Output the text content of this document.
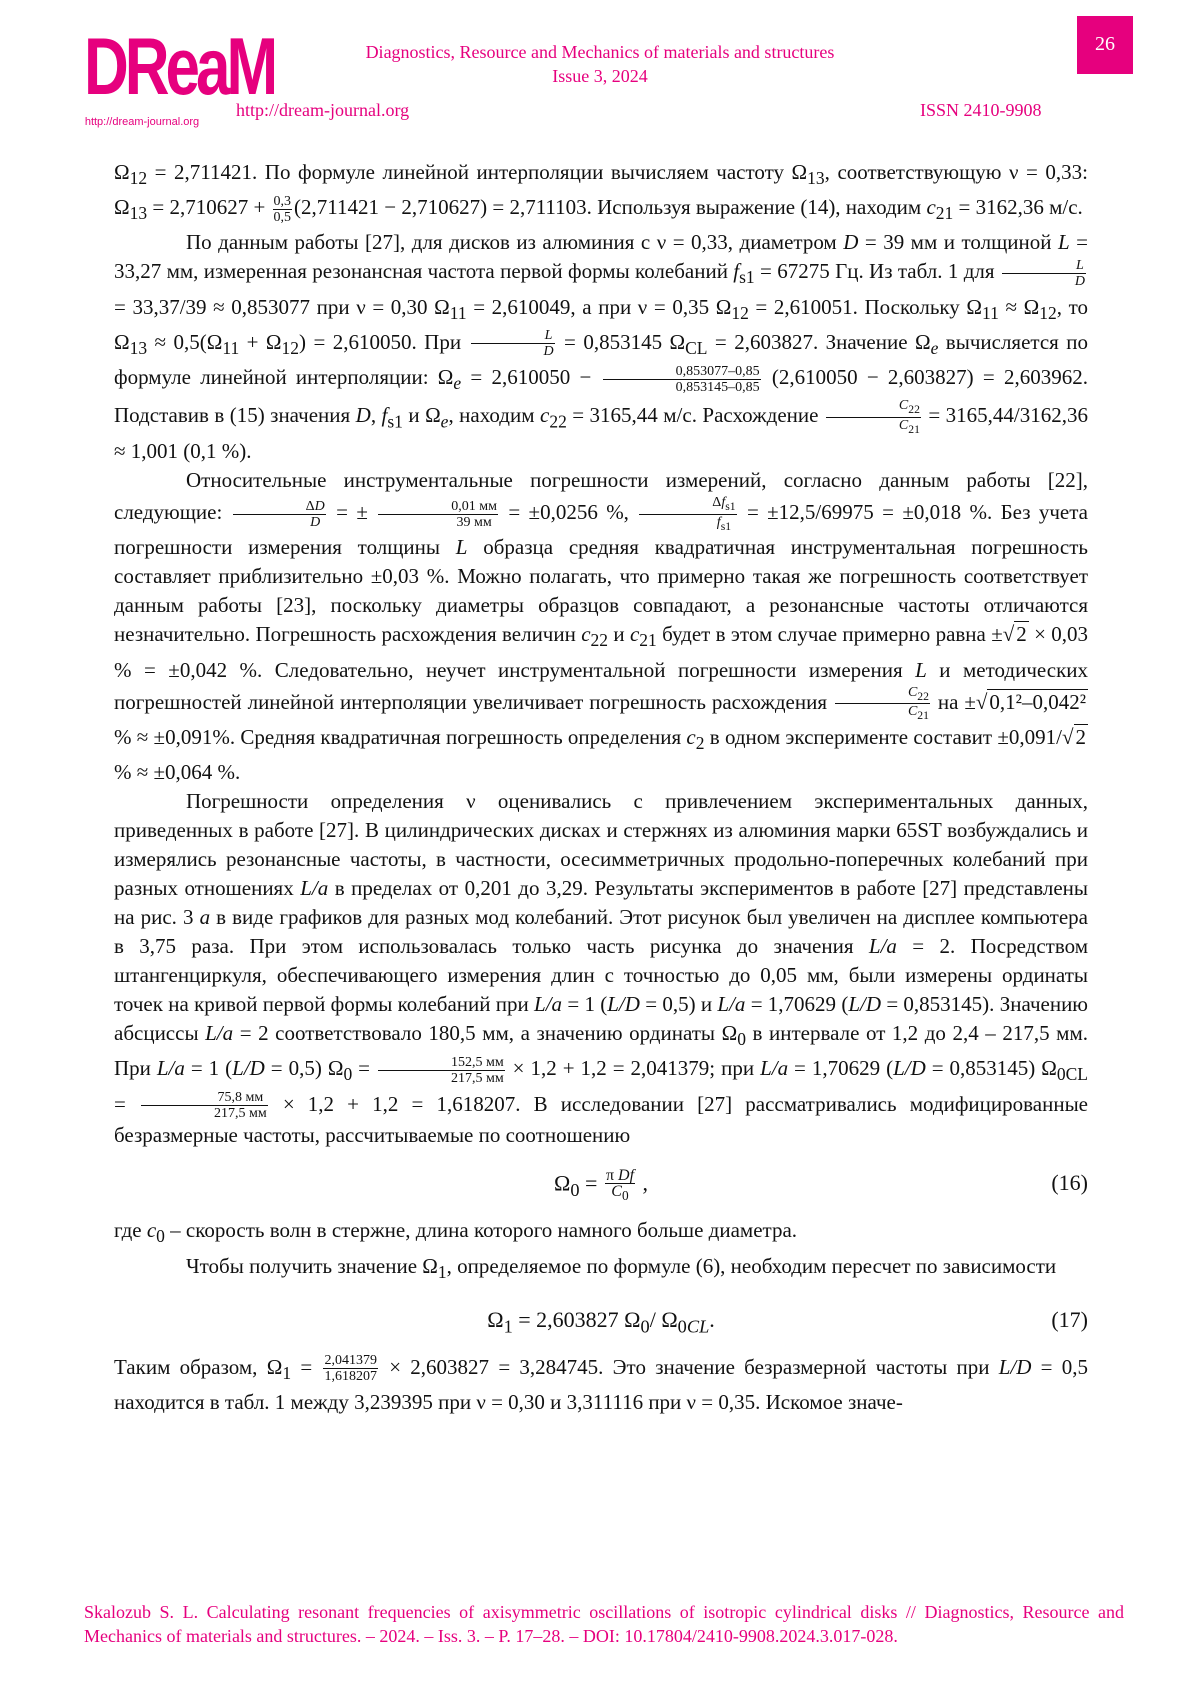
DReaM
http://dream-journal.org
Diagnostics, Resource and Mechanics of materials and structures
Issue 3, 2024
http://dream-journal.org	ISSN 2410-9908
26

$\Omega_{12} = 2,711421$. По формуле линейной интерполяции вычисляем частоту $\Omega_{13}$, соответствующую ν = 0,33: $\Omega_{13} = 2,710627 + \frac{0,3}{0,5} (2,711421 - 2,710627) = 2,711103$. Используя выражение (14), находим $c_{21} = 3162,36$ м/с.

По данным работы [27], для дисков из алюминия с ν = 0,33, диаметром D = 39 мм и толщиной L = 33,27 мм, измеренная резонансная частота первой формы колебаний $f_{s1} = 67275$ Гц. Из табл. 1 для $\frac{L}{D}$
= 33,37/39 ≈ 0,853077 при ν = 0,30 $\Omega_{11} = 2,610049$, а при ν = 0,35 $\Omega_{12} = 2,610051$. Поскольку $\Omega_{11} \approx \Omega_{12}$, то $\Omega_{13} \approx 0,5(\Omega_{11} + \Omega_{12}) = 2,610050$. При $\frac{L}{D} = 0,853145$ $\Omega_{CL} = 2,603827$. Значение $\Omega_e$ вычисляется по формуле линейной интерполяции: $\Omega_e = 2,610050 - \frac{0,853077-0,85}{0,853145-0,85} (2,610050 - 2,603827) = 2,603962$. Подставив в (15) значения D, $f_{s1}$ и $\Omega_e$, находим $c_{22} = 3165,44$ м/с. Расхождение $\frac{C_{22}}{C_{21}} = 3165,44/3162,36 \approx 1,001$ (0,1 %).

Относительные инструментальные погрешности измерений, согласно данным работы [22], следующие: $\frac{\Delta D}{D}$ = ± $\frac{0,01 мм}{39 мм} = \pm 0,0256$ %, $\frac{\Delta f_{s1}}{f_{s1}} = \pm 12,5/69975 = \pm 0,018$ %. Без учета погрешности измерения толщины L образца средняя квадратичная инструментальная погрешность составляет приблизительно ±0,03 %. Можно полагать, что примерно такая же погрешность соответствует данным работы [23], поскольку диаметры образцов совпадают, а резонансные частоты отличаются незначительно. Погрешность расхождения величин $c_{22}$ и $c_{21}$ будет в этом случае примерно равна ±√2 × 0,03 % = ±0,042 %. Следовательно, неучет инструментальной погрешности измерения L и методических погрешностей линейной интерполяции увеличивает погрешность расхождения $\frac{C_{22}}{C_{21}}$ на ±√0,1²–0,042² % ≈ ±0,091%. Средняя квадратичная погрешность определения $c_2$ в одном эксперименте составит ±0,091/√2 % ≈ ±0,064 %.

Погрешности определения ν оценивались с привлечением экспериментальных данных, приведенных в работе [27]. В цилиндрических дисках и стержнях из алюминия марки 65ST возбуждались и измерялись резонансные частоты, в частности, осесимметричных продольно-поперечных колебаний при разных отношениях L/a в пределах от 0,201 до 3,29. Результаты экспериментов в работе [27] представлены на рис. 3 а в виде графиков для разных мод колебаний. Этот рисунок был увеличен на дисплее компьютера в 3,75 раза. При этом использовалась только часть рисунка до значения L/a = 2. Посредством штангенциркуля, обеспечивающего измерения длин с точностью до 0,05 мм, были измерены ординаты точек на кривой первой формы колебаний при L/a = 1 (L/D = 0,5) и L/a = 1,70629 (L/D = 0,853145). Значению абсциссы L/a = 2 соответствовало 180,5 мм, а значению ординаты $\Omega_0$ в интервале от 1,2 до 2,4 – 217,5 мм. При L/a = 1 (L/D = 0,5) $\Omega_0 = \frac{152,5 мм}{217,5 мм} \times 1,2 + 1,2 = 2,041379$; при L/a = 1,70629 (L/D = 0,853145) $\Omega_{0CL} = \frac{75,8 мм}{217,5 мм} \times 1,2 + 1,2 = 1,618207$. В исследовании [27] рассматривались модифицированные безразмерные частоты, рассчитываемые по соотношению

$\Omega_0 = \frac{\text{π Df}}{C_0}$ ,	(16)

где $c_0$ – скорость волн в стержне, длина которого намного больше диаметра.

Чтобы получить значение $\Omega_1$, определяемое по формуле (6), необходим пересчет по зависимости

$\Omega_1 = 2,603827$ $\Omega_0/$ $\Omega_{0CL}$.	(17)

Таким образом, $\Omega_1 = \frac{2,041379}{1,618207} \times 2,603827 = 3,284745$. Это значение безразмерной частоты при L/D = 0,5 находится в табл. 1 между 3,239395 при ν = 0,30 и 3,311116 при ν = 0,35. Искомое значе-

Skalozub S. L. Calculating resonant frequencies of axisymmetric oscillations of isotropic cylindrical disks // Diagnostics, Resource and Mechanics of materials and structures. – 2024. – Iss. 3. – P. 17–28. – DOI: 10.17804/2410-9908.2024.3.017-028.
